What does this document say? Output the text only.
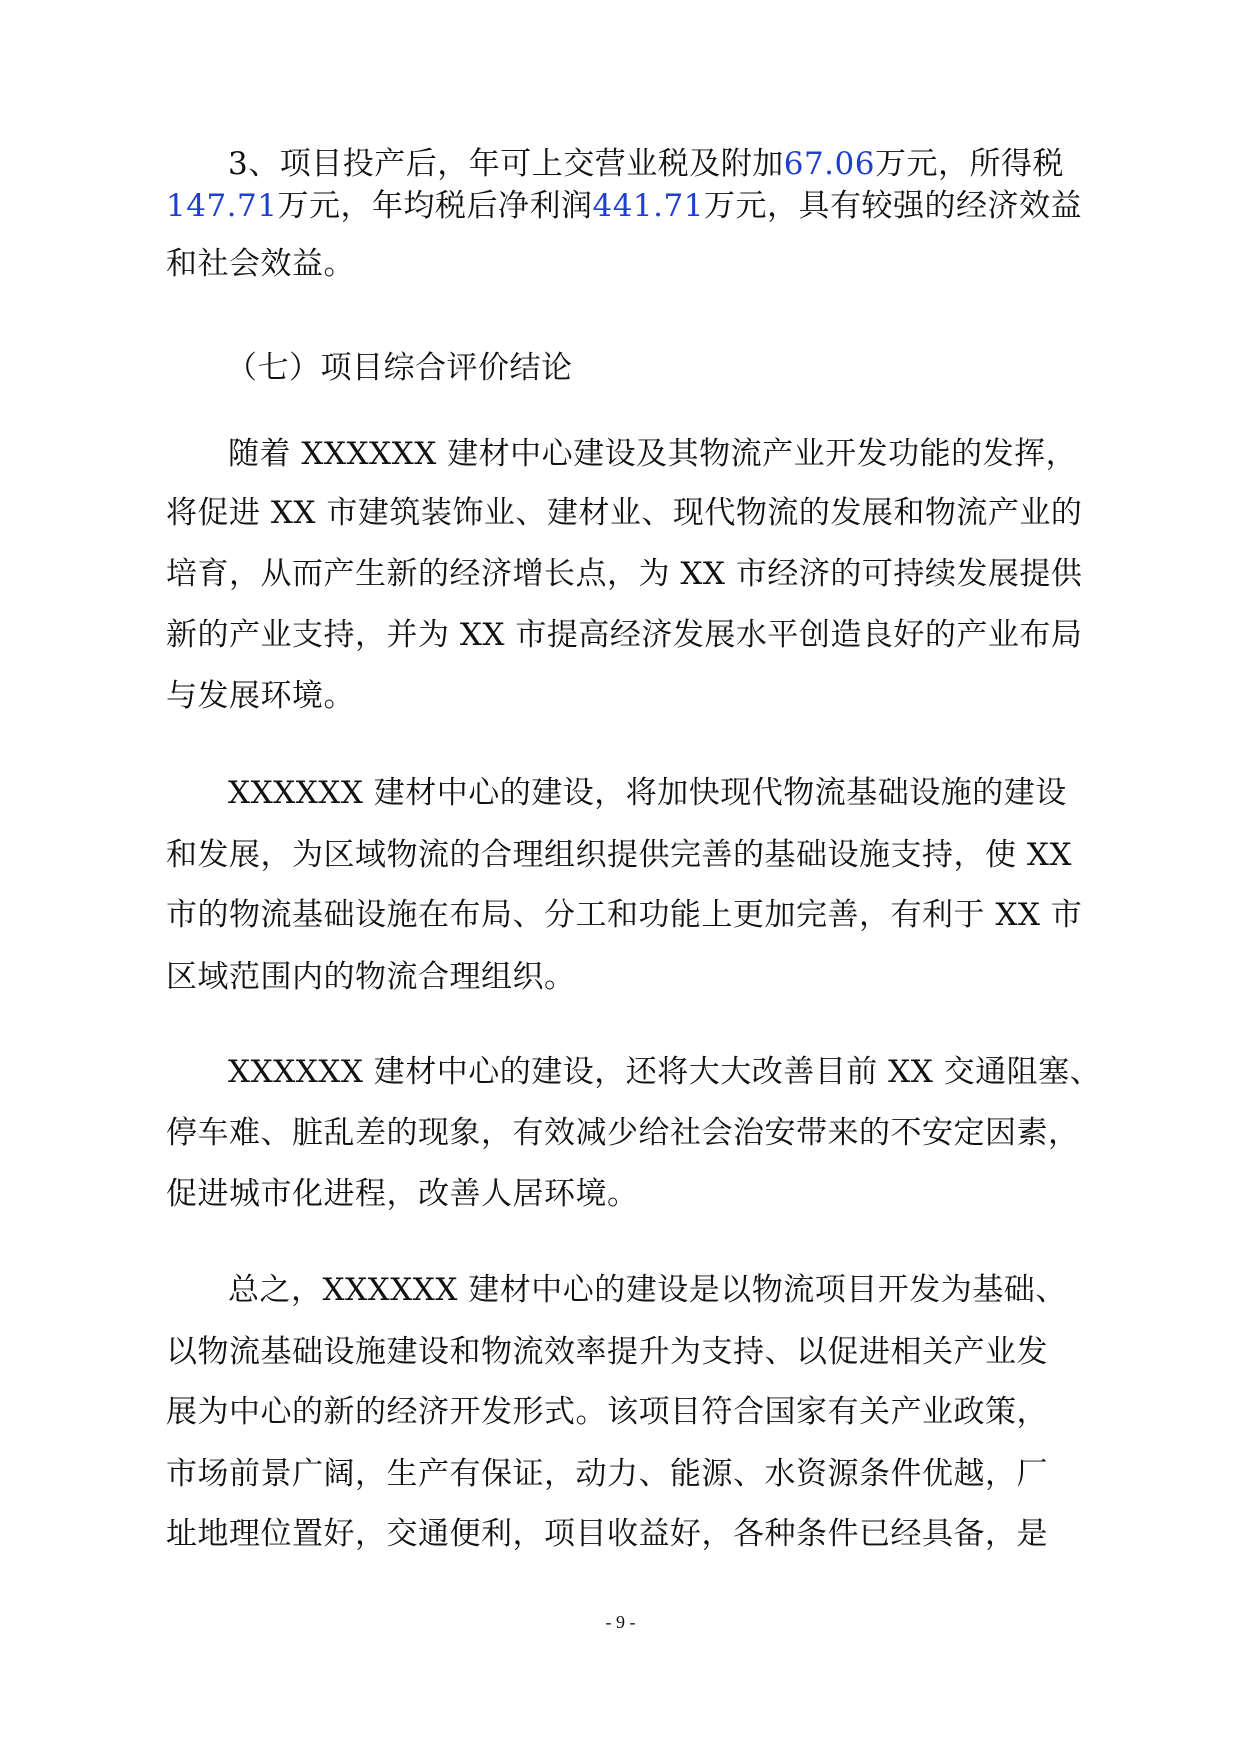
3、项目投产后，年可上交营业税及附加67.06万元，所得税
147.71万元，年均税后净利润441.71万元，具有较强的经济效益
和社会效益。
（七）项目综合评价结论
随着 XXXXXX 建材中心建设及其物流产业开发功能的发挥，
将促进 XX 市建筑装饰业、建材业、现代物流的发展和物流产业的
培育，从而产生新的经济增长点，为 XX 市经济的可持续发展提供
新的产业支持，并为 XX 市提高经济发展水平创造良好的产业布局
与发展环境。
XXXXXX 建材中心的建设，将加快现代物流基础设施的建设
和发展，为区域物流的合理组织提供完善的基础设施支持，使 XX
市的物流基础设施在布局、分工和功能上更加完善，有利于 XX 市
区域范围内的物流合理组织。
XXXXXX 建材中心的建设，还将大大改善目前 XX 交通阻塞、
停车难、脏乱差的现象，有效减少给社会治安带来的不安定因素，
促进城市化进程，改善人居环境。
总之，XXXXXX 建材中心的建设是以物流项目开发为基础、
以物流基础设施建设和物流效率提升为支持、以促进相关产业发
展为中心的新的经济开发形式。该项目符合国家有关产业政策，
市场前景广阔，生产有保证，动力、能源、水资源条件优越，厂
址地理位置好，交通便利，项目收益好，各种条件已经具备，是
- 9 -
